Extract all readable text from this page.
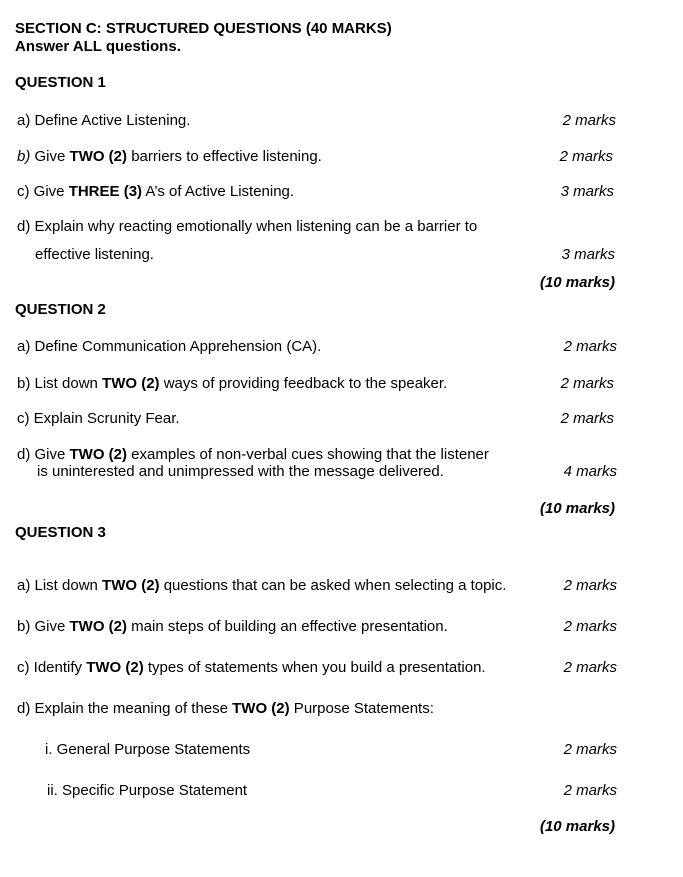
SECTION C: STRUCTURED QUESTIONS (40 MARKS)
Answer ALL questions.
QUESTION 1
a) Define Active Listening.	2 marks
b) Give TWO (2) barriers to effective listening.	2 marks
c) Give THREE (3) A’s of Active Listening.	3 marks
d) Explain why reacting emotionally when listening can be a barrier to
effective listening.	3 marks
(10 marks)
QUESTION 2
a) Define Communication Apprehension (CA).	2 marks
b) List down TWO (2) ways of providing feedback to the speaker.	2 marks
c) Explain Scrunity Fear.	2 marks
d) Give TWO (2) examples of non-verbal cues showing that the listener
is uninterested and unimpressed with the message delivered.	4 marks
(10 marks)
QUESTION 3
a) List down TWO (2) questions that can be asked when selecting a topic.	2 marks
b) Give TWO (2) main steps of building an effective presentation.	2 marks
c) Identify TWO (2) types of statements when you build a presentation.	2 marks
d) Explain the meaning of these TWO (2) Purpose Statements:
i. General Purpose Statements	2 marks
ii. Specific Purpose Statement	2 marks
(10 marks)
